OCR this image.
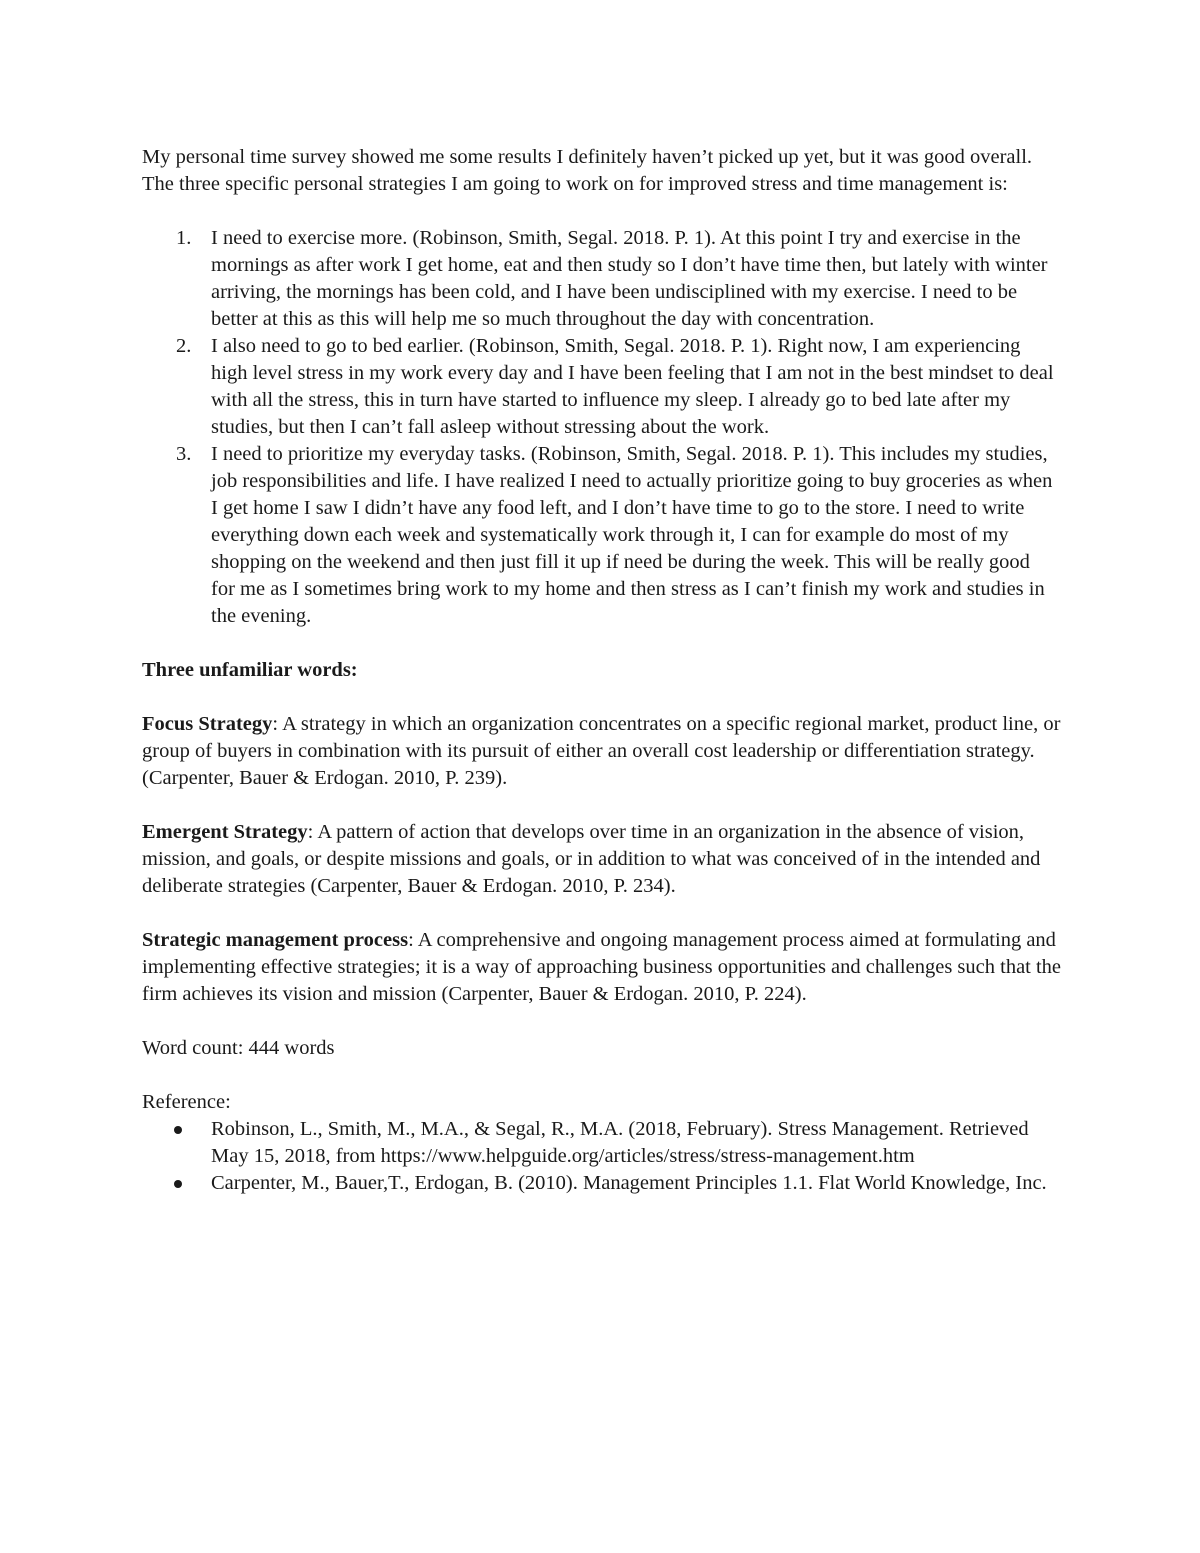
My personal time survey showed me some results I definitely haven’t picked up yet, but it was good overall. The three specific personal strategies I am going to work on for improved stress and time management is:

1. I need to exercise more. (Robinson, Smith, Segal. 2018. P. 1). At this point I try and exercise in the mornings as after work I get home, eat and then study so I don’t have time then, but lately with winter arriving, the mornings has been cold, and I have been undisciplined with my exercise. I need to be better at this as this will help me so much throughout the day with concentration.
2. I also need to go to bed earlier. (Robinson, Smith, Segal. 2018. P. 1). Right now, I am experiencing high level stress in my work every day and I have been feeling that I am not in the best mindset to deal with all the stress, this in turn have started to influence my sleep. I already go to bed late after my studies, but then I can’t fall asleep without stressing about the work.
3. I need to prioritize my everyday tasks. (Robinson, Smith, Segal. 2018. P. 1). This includes my studies, job responsibilities and life. I have realized I need to actually prioritize going to buy groceries as when I get home I saw I didn’t have any food left, and I don’t have time to go to the store. I need to write everything down each week and systematically work through it, I can for example do most of my shopping on the weekend and then just fill it up if need be during the week. This will be really good for me as I sometimes bring work to my home and then stress as I can’t finish my work and studies in the evening.

Three unfamiliar words:

Focus Strategy: A strategy in which an organization concentrates on a specific regional market, product line, or group of buyers in combination with its pursuit of either an overall cost leadership or differentiation strategy. (Carpenter, Bauer & Erdogan. 2010, P. 239).

Emergent Strategy: A pattern of action that develops over time in an organization in the absence of vision, mission, and goals, or despite missions and goals, or in addition to what was conceived of in the intended and deliberate strategies (Carpenter, Bauer & Erdogan. 2010, P. 234).

Strategic management process: A comprehensive and ongoing management process aimed at formulating and implementing effective strategies; it is a way of approaching business opportunities and challenges such that the firm achieves its vision and mission (Carpenter, Bauer & Erdogan. 2010, P. 224).

Word count: 444 words

Reference:

Robinson, L., Smith, M., M.A., & Segal, R., M.A. (2018, February). Stress Management. Retrieved May 15, 2018, from https://www.helpguide.org/articles/stress/stress-management.htm
Carpenter, M., Bauer,T., Erdogan, B. (2010). Management Principles 1.1. Flat World Knowledge, Inc.
